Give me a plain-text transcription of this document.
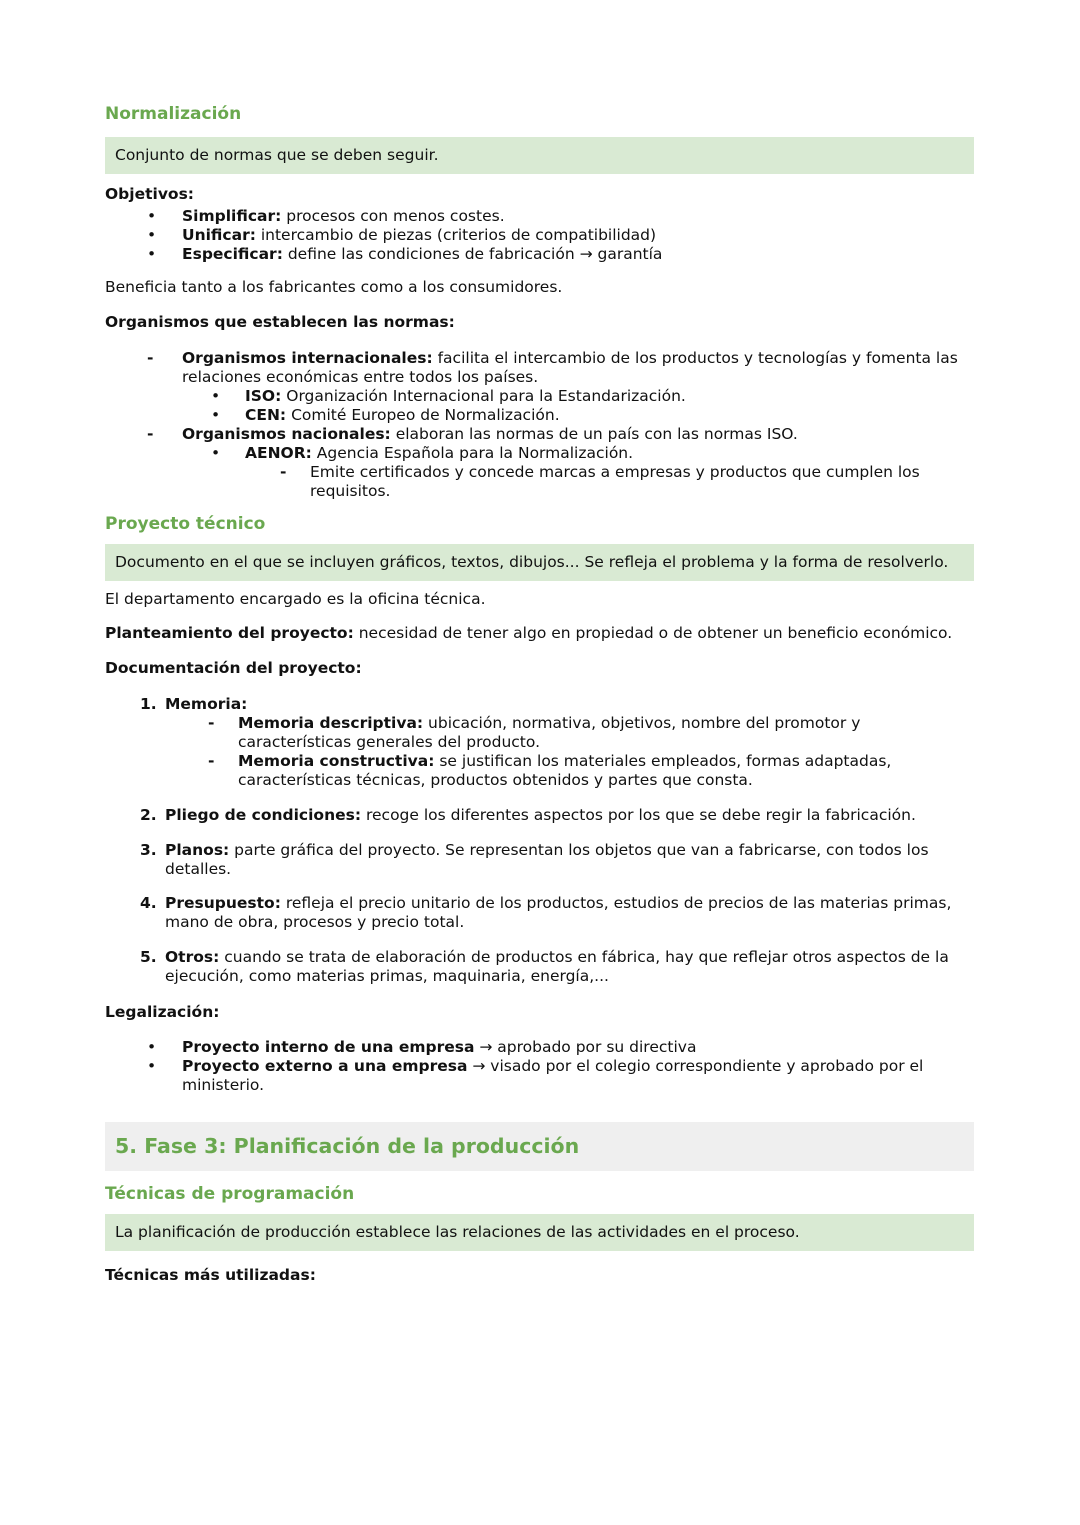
Normalización

Conjunto de normas que se deben seguir.

Objetivos:

•	Simplificar: procesos con menos costes.
•	Unificar: intercambio de piezas (criterios de compatibilidad)
•	Especificar: define las condiciones de fabricación → garantía

Beneficia tanto a los fabricantes como a los consumidores.

Organismos que establecen las normas:

-	Organismos internacionales: facilita el intercambio de los productos y tecnologías y fomenta las relaciones económicas entre todos los países.
•	ISO: Organización Internacional para la Estandarización.
•	CEN: Comité Europeo de Normalización.
-	Organismos nacionales: elaboran las normas de un país con las normas ISO.
•	AENOR: Agencia Española para la Normalización.
-	Emite certificados y concede marcas a empresas y productos que cumplen los requisitos.

Proyecto técnico

Documento en el que se incluyen gráficos, textos, dibujos... Se refleja el problema y la forma de resolverlo.

El departamento encargado es la oficina técnica.

Planteamiento del proyecto: necesidad de tener algo en propiedad o de obtener un beneficio económico.

Documentación del proyecto:

1. Memoria:
-	Memoria descriptiva: ubicación, normativa, objetivos, nombre del promotor y características generales del producto.
-	Memoria constructiva: se justifican los materiales empleados, formas adaptadas, características técnicas, productos obtenidos y partes que consta.
2. Pliego de condiciones: recoge los diferentes aspectos por los que se debe regir la fabricación.
3. Planos: parte gráfica del proyecto. Se representan los objetos que van a fabricarse, con todos los detalles.
4. Presupuesto: refleja el precio unitario de los productos, estudios de precios de las materias primas, mano de obra, procesos y precio total.
5. Otros: cuando se trata de elaboración de productos en fábrica, hay que reflejar otros aspectos de la ejecución, como materias primas, maquinaria, energía,...

Legalización:

•	Proyecto interno de una empresa → aprobado por su directiva
•	Proyecto externo a una empresa → visado por el colegio correspondiente y aprobado por el ministerio.

5. Fase 3: Planificación de la producción

Técnicas de programación

La planificación de producción establece las relaciones de las actividades en el proceso.

Técnicas más utilizadas:
